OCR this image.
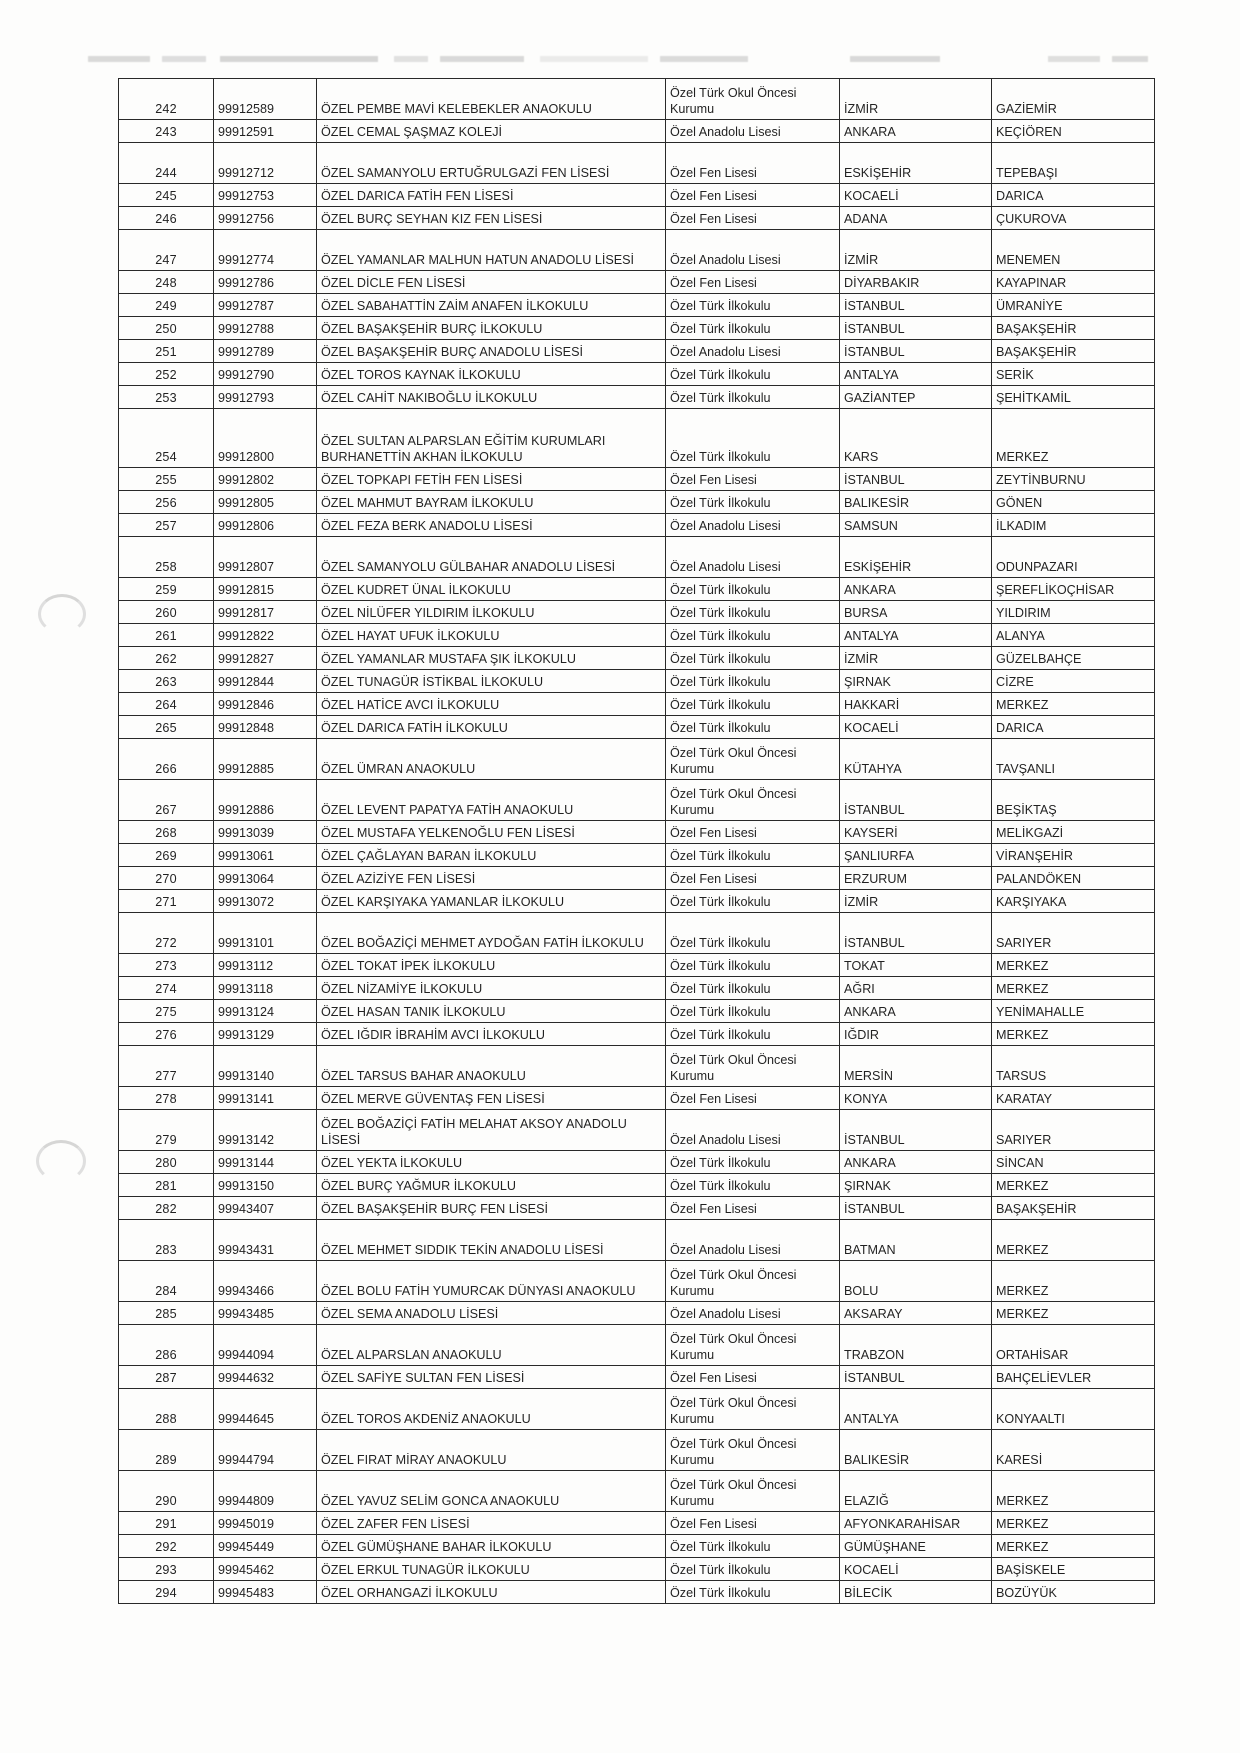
242	99912589	ÖZEL PEMBE MAVİ KELEBEKLER ANAOKULU	Özel Türk Okul Öncesi Kurumu	İZMİR	GAZİEMİR
243	99912591	ÖZEL CEMAL ŞAŞMAZ KOLEJİ	Özel Anadolu Lisesi	ANKARA	KEÇİÖREN
244	99912712	ÖZEL SAMANYOLU ERTUĞRULGAZİ FEN LİSESİ	Özel Fen Lisesi	ESKİŞEHİR	TEPEBAŞI
245	99912753	ÖZEL DARICA FATİH FEN LİSESİ	Özel Fen Lisesi	KOCAELİ	DARICA
246	99912756	ÖZEL BURÇ SEYHAN KIZ FEN LİSESİ	Özel Fen Lisesi	ADANA	ÇUKUROVA
247	99912774	ÖZEL YAMANLAR MALHUN HATUN ANADOLU LİSESİ	Özel Anadolu Lisesi	İZMİR	MENEMEN
248	99912786	ÖZEL DİCLE FEN LİSESİ	Özel Fen Lisesi	DİYARBAKIR	KAYAPINAR
249	99912787	ÖZEL SABAHATTİN ZAİM ANAFEN İLKOKULU	Özel Türk İlkokulu	İSTANBUL	ÜMRANİYE
250	99912788	ÖZEL BAŞAKŞEHİR BURÇ İLKOKULU	Özel Türk İlkokulu	İSTANBUL	BAŞAKŞEHİR
251	99912789	ÖZEL BAŞAKŞEHİR BURÇ ANADOLU LİSESİ	Özel Anadolu Lisesi	İSTANBUL	BAŞAKŞEHİR
252	99912790	ÖZEL TOROS KAYNAK İLKOKULU	Özel Türk İlkokulu	ANTALYA	SERİK
253	99912793	ÖZEL CAHİT NAKIBOĞLU İLKOKULU	Özel Türk İlkokulu	GAZİANTEP	ŞEHİTKAMİL
254	99912800	ÖZEL SULTAN ALPARSLAN EĞİTİM KURUMLARI BURHANETTİN AKHAN İLKOKULU	Özel Türk İlkokulu	KARS	MERKEZ
255	99912802	ÖZEL TOPKAPI FETİH FEN LİSESİ	Özel Fen Lisesi	İSTANBUL	ZEYTİNBURNU
256	99912805	ÖZEL MAHMUT BAYRAM İLKOKULU	Özel Türk İlkokulu	BALIKESİR	GÖNEN
257	99912806	ÖZEL FEZA BERK ANADOLU LİSESİ	Özel Anadolu Lisesi	SAMSUN	İLKADIM
258	99912807	ÖZEL SAMANYOLU GÜLBAHAR ANADOLU LİSESİ	Özel Anadolu Lisesi	ESKİŞEHİR	ODUNPAZARI
259	99912815	ÖZEL KUDRET ÜNAL İLKOKULU	Özel Türk İlkokulu	ANKARA	ŞEREFLİKOÇHİSAR
260	99912817	ÖZEL NİLÜFER YILDIRIM İLKOKULU	Özel Türk İlkokulu	BURSA	YILDIRIM
261	99912822	ÖZEL HAYAT UFUK İLKOKULU	Özel Türk İlkokulu	ANTALYA	ALANYA
262	99912827	ÖZEL YAMANLAR MUSTAFA ŞIK İLKOKULU	Özel Türk İlkokulu	İZMİR	GÜZELBAHÇE
263	99912844	ÖZEL TUNAGÜR İSTİKBAL İLKOKULU	Özel Türk İlkokulu	ŞIRNAK	CİZRE
264	99912846	ÖZEL HATİCE AVCI İLKOKULU	Özel Türk İlkokulu	HAKKARİ	MERKEZ
265	99912848	ÖZEL DARICA FATİH İLKOKULU	Özel Türk İlkokulu	KOCAELİ	DARICA
266	99912885	ÖZEL ÜMRAN ANAOKULU	Özel Türk Okul Öncesi Kurumu	KÜTAHYA	TAVŞANLI
267	99912886	ÖZEL LEVENT PAPATYA FATİH ANAOKULU	Özel Türk Okul Öncesi Kurumu	İSTANBUL	BEŞİKTAŞ
268	99913039	ÖZEL MUSTAFA YELKENOĞLU FEN LİSESİ	Özel Fen Lisesi	KAYSERİ	MELİKGAZİ
269	99913061	ÖZEL ÇAĞLAYAN BARAN İLKOKULU	Özel Türk İlkokulu	ŞANLIURFA	VİRANŞEHİR
270	99913064	ÖZEL AZİZİYE FEN LİSESİ	Özel Fen Lisesi	ERZURUM	PALANDÖKEN
271	99913072	ÖZEL KARŞIYAKA YAMANLAR İLKOKULU	Özel Türk İlkokulu	İZMİR	KARŞIYAKA
272	99913101	ÖZEL BOĞAZİÇİ MEHMET AYDOĞAN FATİH İLKOKULU	Özel Türk İlkokulu	İSTANBUL	SARIYER
273	99913112	ÖZEL TOKAT İPEK İLKOKULU	Özel Türk İlkokulu	TOKAT	MERKEZ
274	99913118	ÖZEL NİZAMİYE İLKOKULU	Özel Türk İlkokulu	AĞRI	MERKEZ
275	99913124	ÖZEL HASAN TANIK İLKOKULU	Özel Türk İlkokulu	ANKARA	YENİMAHALLE
276	99913129	ÖZEL IĞDIR İBRAHİM AVCI İLKOKULU	Özel Türk İlkokulu	IĞDIR	MERKEZ
277	99913140	ÖZEL TARSUS BAHAR ANAOKULU	Özel Türk Okul Öncesi Kurumu	MERSİN	TARSUS
278	99913141	ÖZEL MERVE GÜVENTAŞ FEN LİSESİ	Özel Fen Lisesi	KONYA	KARATAY
279	99913142	ÖZEL BOĞAZİÇİ FATİH MELAHAT AKSOY ANADOLU LİSESİ	Özel Anadolu Lisesi	İSTANBUL	SARIYER
280	99913144	ÖZEL YEKTA İLKOKULU	Özel Türk İlkokulu	ANKARA	SİNCAN
281	99913150	ÖZEL BURÇ YAĞMUR İLKOKULU	Özel Türk İlkokulu	ŞIRNAK	MERKEZ
282	99943407	ÖZEL BAŞAKŞEHİR BURÇ FEN LİSESİ	Özel Fen Lisesi	İSTANBUL	BAŞAKŞEHİR
283	99943431	ÖZEL MEHMET SIDDIK TEKİN ANADOLU LİSESİ	Özel Anadolu Lisesi	BATMAN	MERKEZ
284	99943466	ÖZEL BOLU FATİH YUMURCAK DÜNYASI ANAOKULU	Özel Türk Okul Öncesi Kurumu	BOLU	MERKEZ
285	99943485	ÖZEL SEMA ANADOLU LİSESİ	Özel Anadolu Lisesi	AKSARAY	MERKEZ
286	99944094	ÖZEL ALPARSLAN ANAOKULU	Özel Türk Okul Öncesi Kurumu	TRABZON	ORTAHİSAR
287	99944632	ÖZEL SAFİYE SULTAN FEN LİSESİ	Özel Fen Lisesi	İSTANBUL	BAHÇELİEVLER
288	99944645	ÖZEL TOROS AKDENİZ ANAOKULU	Özel Türk Okul Öncesi Kurumu	ANTALYA	KONYAALTI
289	99944794	ÖZEL FIRAT MİRAY ANAOKULU	Özel Türk Okul Öncesi Kurumu	BALIKESİR	KARESİ
290	99944809	ÖZEL YAVUZ SELİM GONCA ANAOKULU	Özel Türk Okul Öncesi Kurumu	ELAZIĞ	MERKEZ
291	99945019	ÖZEL ZAFER FEN LİSESİ	Özel Fen Lisesi	AFYONKARAHİSAR	MERKEZ
292	99945449	ÖZEL GÜMÜŞHANE BAHAR İLKOKULU	Özel Türk İlkokulu	GÜMÜŞHANE	MERKEZ
293	99945462	ÖZEL ERKUL TUNAGÜR İLKOKULU	Özel Türk İlkokulu	KOCAELİ	BAŞİSKELE
294	99945483	ÖZEL ORHANGAZİ İLKOKULU	Özel Türk İlkokulu	BİLECİK	BOZÜYÜK
